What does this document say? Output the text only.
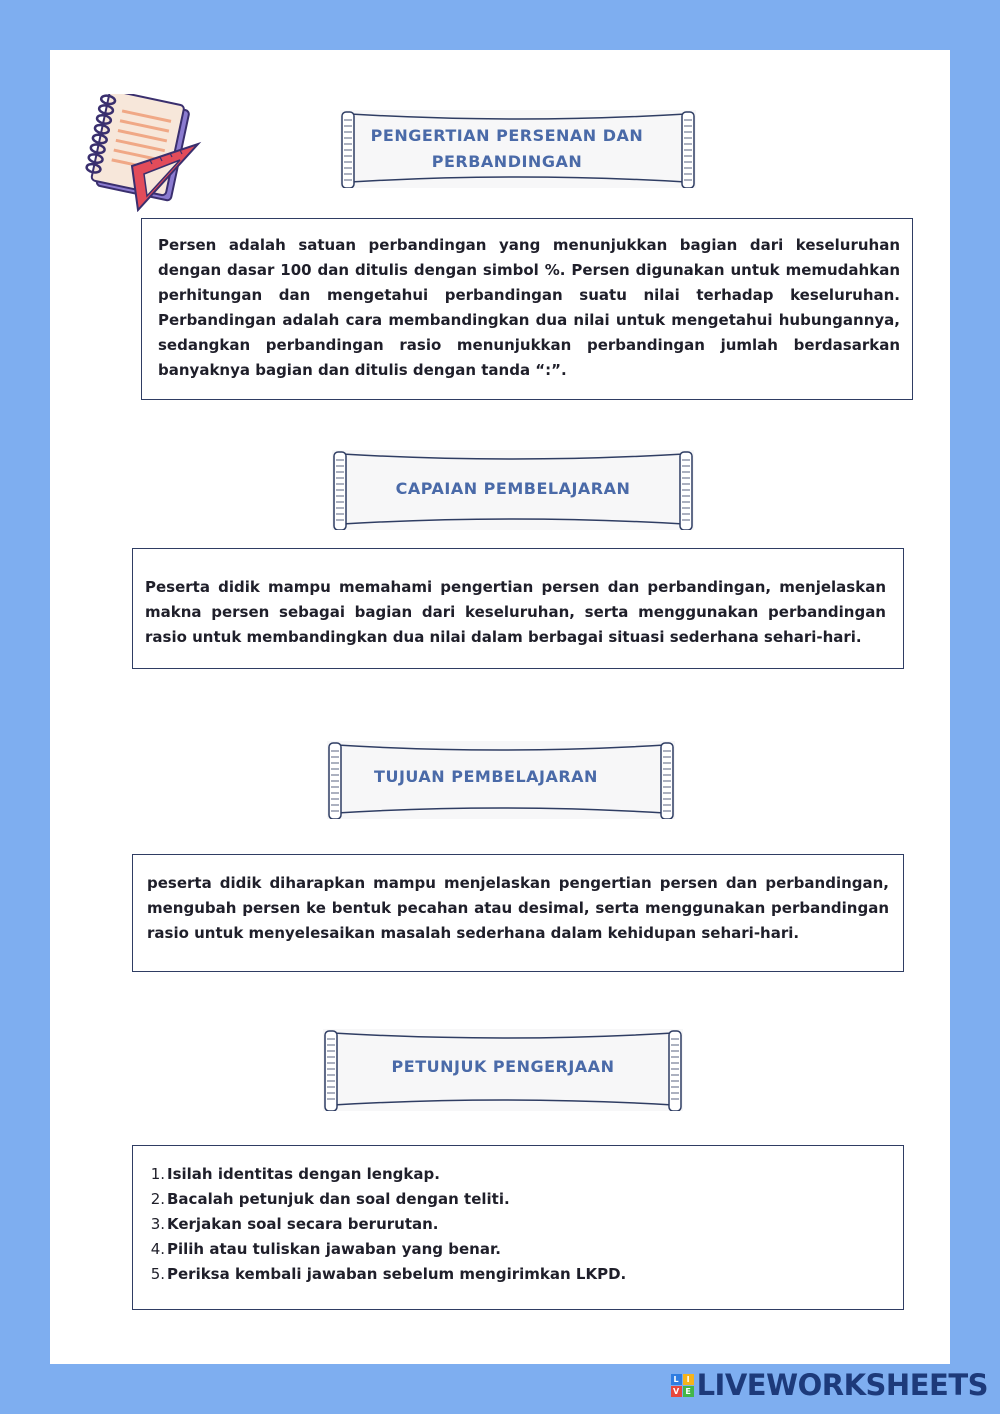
PENGERTIAN PERSENAN DAN
PERBANDINGAN

Persen adalah satuan perbandingan yang menunjukkan bagian dari keseluruhan dengan dasar 100 dan ditulis dengan simbol %. Persen digunakan untuk memudahkan perhitungan dan mengetahui perbandingan suatu nilai terhadap keseluruhan. Perbandingan adalah cara membandingkan dua nilai untuk mengetahui hubungannya, sedangkan perbandingan rasio menunjukkan perbandingan jumlah berdasarkan banyaknya bagian dan ditulis dengan tanda “:”.

CAPAIAN PEMBELAJARAN

Peserta didik mampu memahami pengertian persen dan perbandingan, menjelaskan makna persen sebagai bagian dari keseluruhan, serta menggunakan perbandingan rasio untuk membandingkan dua nilai dalam berbagai situasi sederhana sehari-hari.

TUJUAN PEMBELAJARAN

peserta didik diharapkan mampu menjelaskan pengertian persen dan perbandingan, mengubah persen ke bentuk pecahan atau desimal, serta menggunakan perbandingan rasio untuk menyelesaikan masalah sederhana dalam kehidupan sehari-hari.

PETUNJUK PENGERJAAN
1. Isilah identitas dengan lengkap.
2. Bacalah petunjuk dan soal dengan teliti.
3. Kerjakan soal secara berurutan.
4. Pilih atau tuliskan jawaban yang benar.
5. Periksa kembali jawaban sebelum mengirimkan LKPD.
L I
V E LIVEWORKSHEETS
